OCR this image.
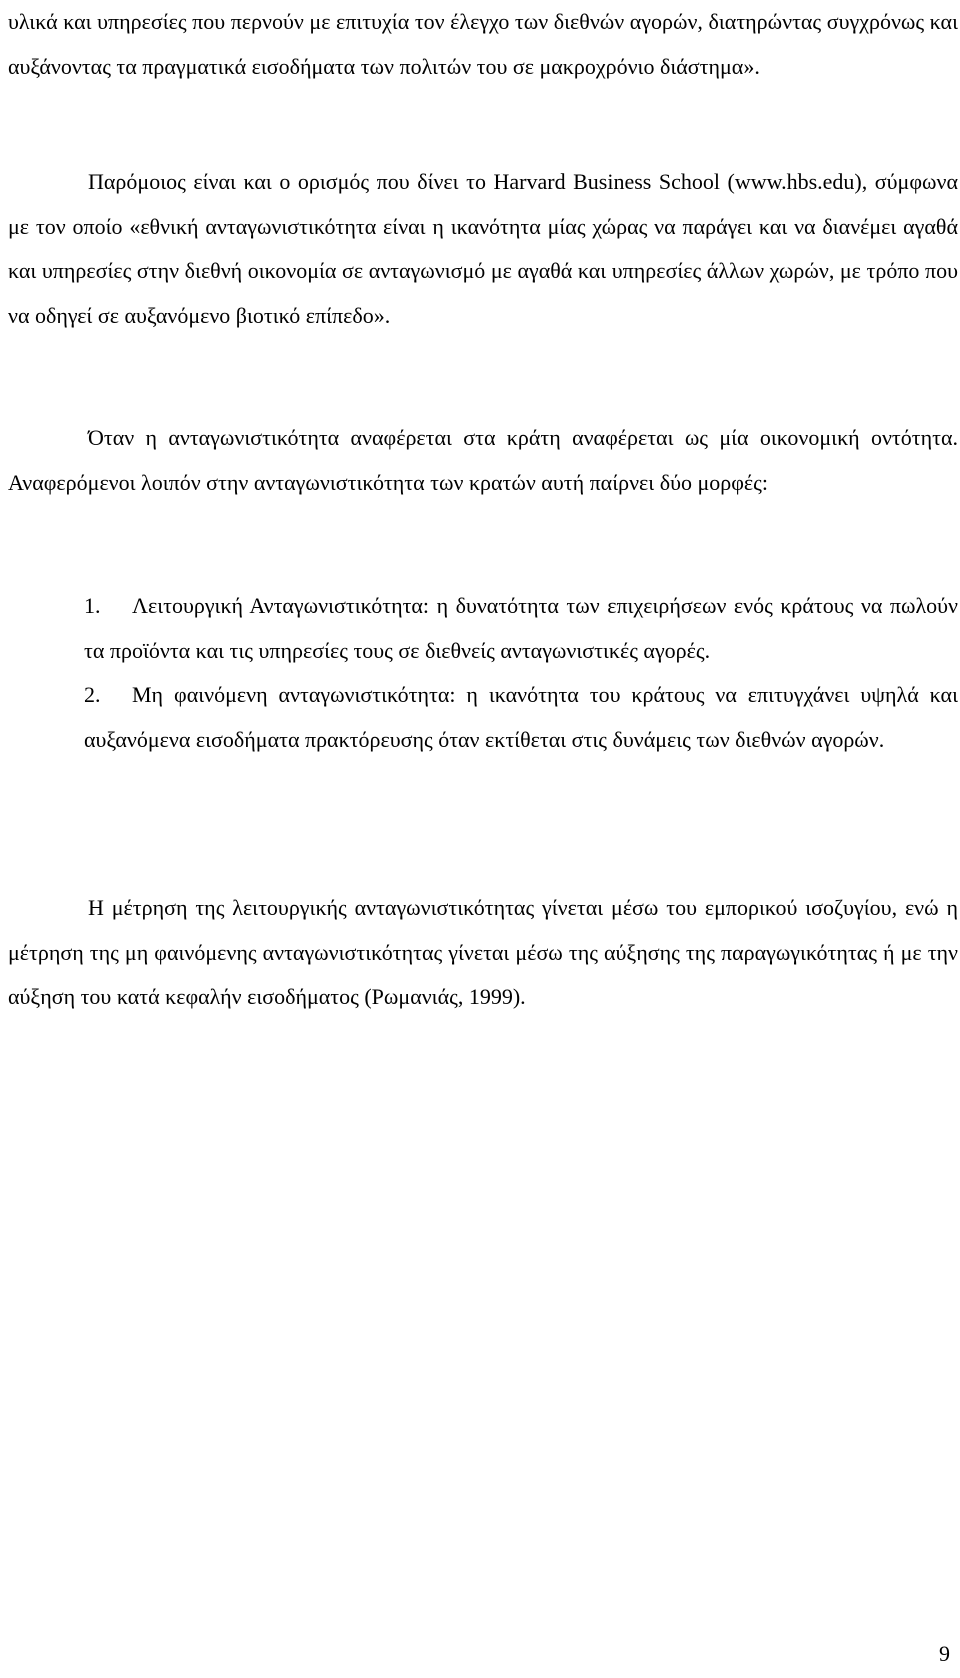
υλικά και υπηρεσίες που περνούν με επιτυχία τον έλεγχο των διεθνών αγορών, διατηρώντας συγχρόνως και αυξάνοντας τα πραγματικά εισοδήματα των πολιτών του σε μακροχρόνιο διάστημα».

Παρόμοιος είναι και ο ορισμός που δίνει το Harvard Business School (www.hbs.edu), σύμφωνα με τον οποίο «εθνική ανταγωνιστικότητα είναι η ικανότητα μίας χώρας να παράγει και να διανέμει αγαθά και υπηρεσίες στην διεθνή οικονομία σε ανταγωνισμό με αγαθά και υπηρεσίες άλλων χωρών, με τρόπο που να οδηγεί σε αυξανόμενο βιοτικό επίπεδο».

Όταν η ανταγωνιστικότητα αναφέρεται στα κράτη αναφέρεται ως μία οικονομική οντότητα. Αναφερόμενοι λοιπόν στην ανταγωνιστικότητα των κρατών αυτή παίρνει δύο μορφές:

1. Λειτουργική Ανταγωνιστικότητα: η δυνατότητα των επιχειρήσεων ενός κράτους να πωλούν τα προϊόντα και τις υπηρεσίες τους σε διεθνείς ανταγωνιστικές αγορές.
2. Μη φαινόμενη ανταγωνιστικότητα: η ικανότητα του κράτους να επιτυγχάνει υψηλά και αυξανόμενα εισοδήματα πρακτόρευσης όταν εκτίθεται στις δυνάμεις των διεθνών αγορών.

Η μέτρηση της λειτουργικής ανταγωνιστικότητας γίνεται μέσω του εμπορικού ισοζυγίου, ενώ η μέτρηση της μη φαινόμενης ανταγωνιστικότητας γίνεται μέσω της αύξησης της παραγωγικότητας ή με την αύξηση του κατά κεφαλήν εισοδήματος (Ρωμανιάς, 1999).

9
